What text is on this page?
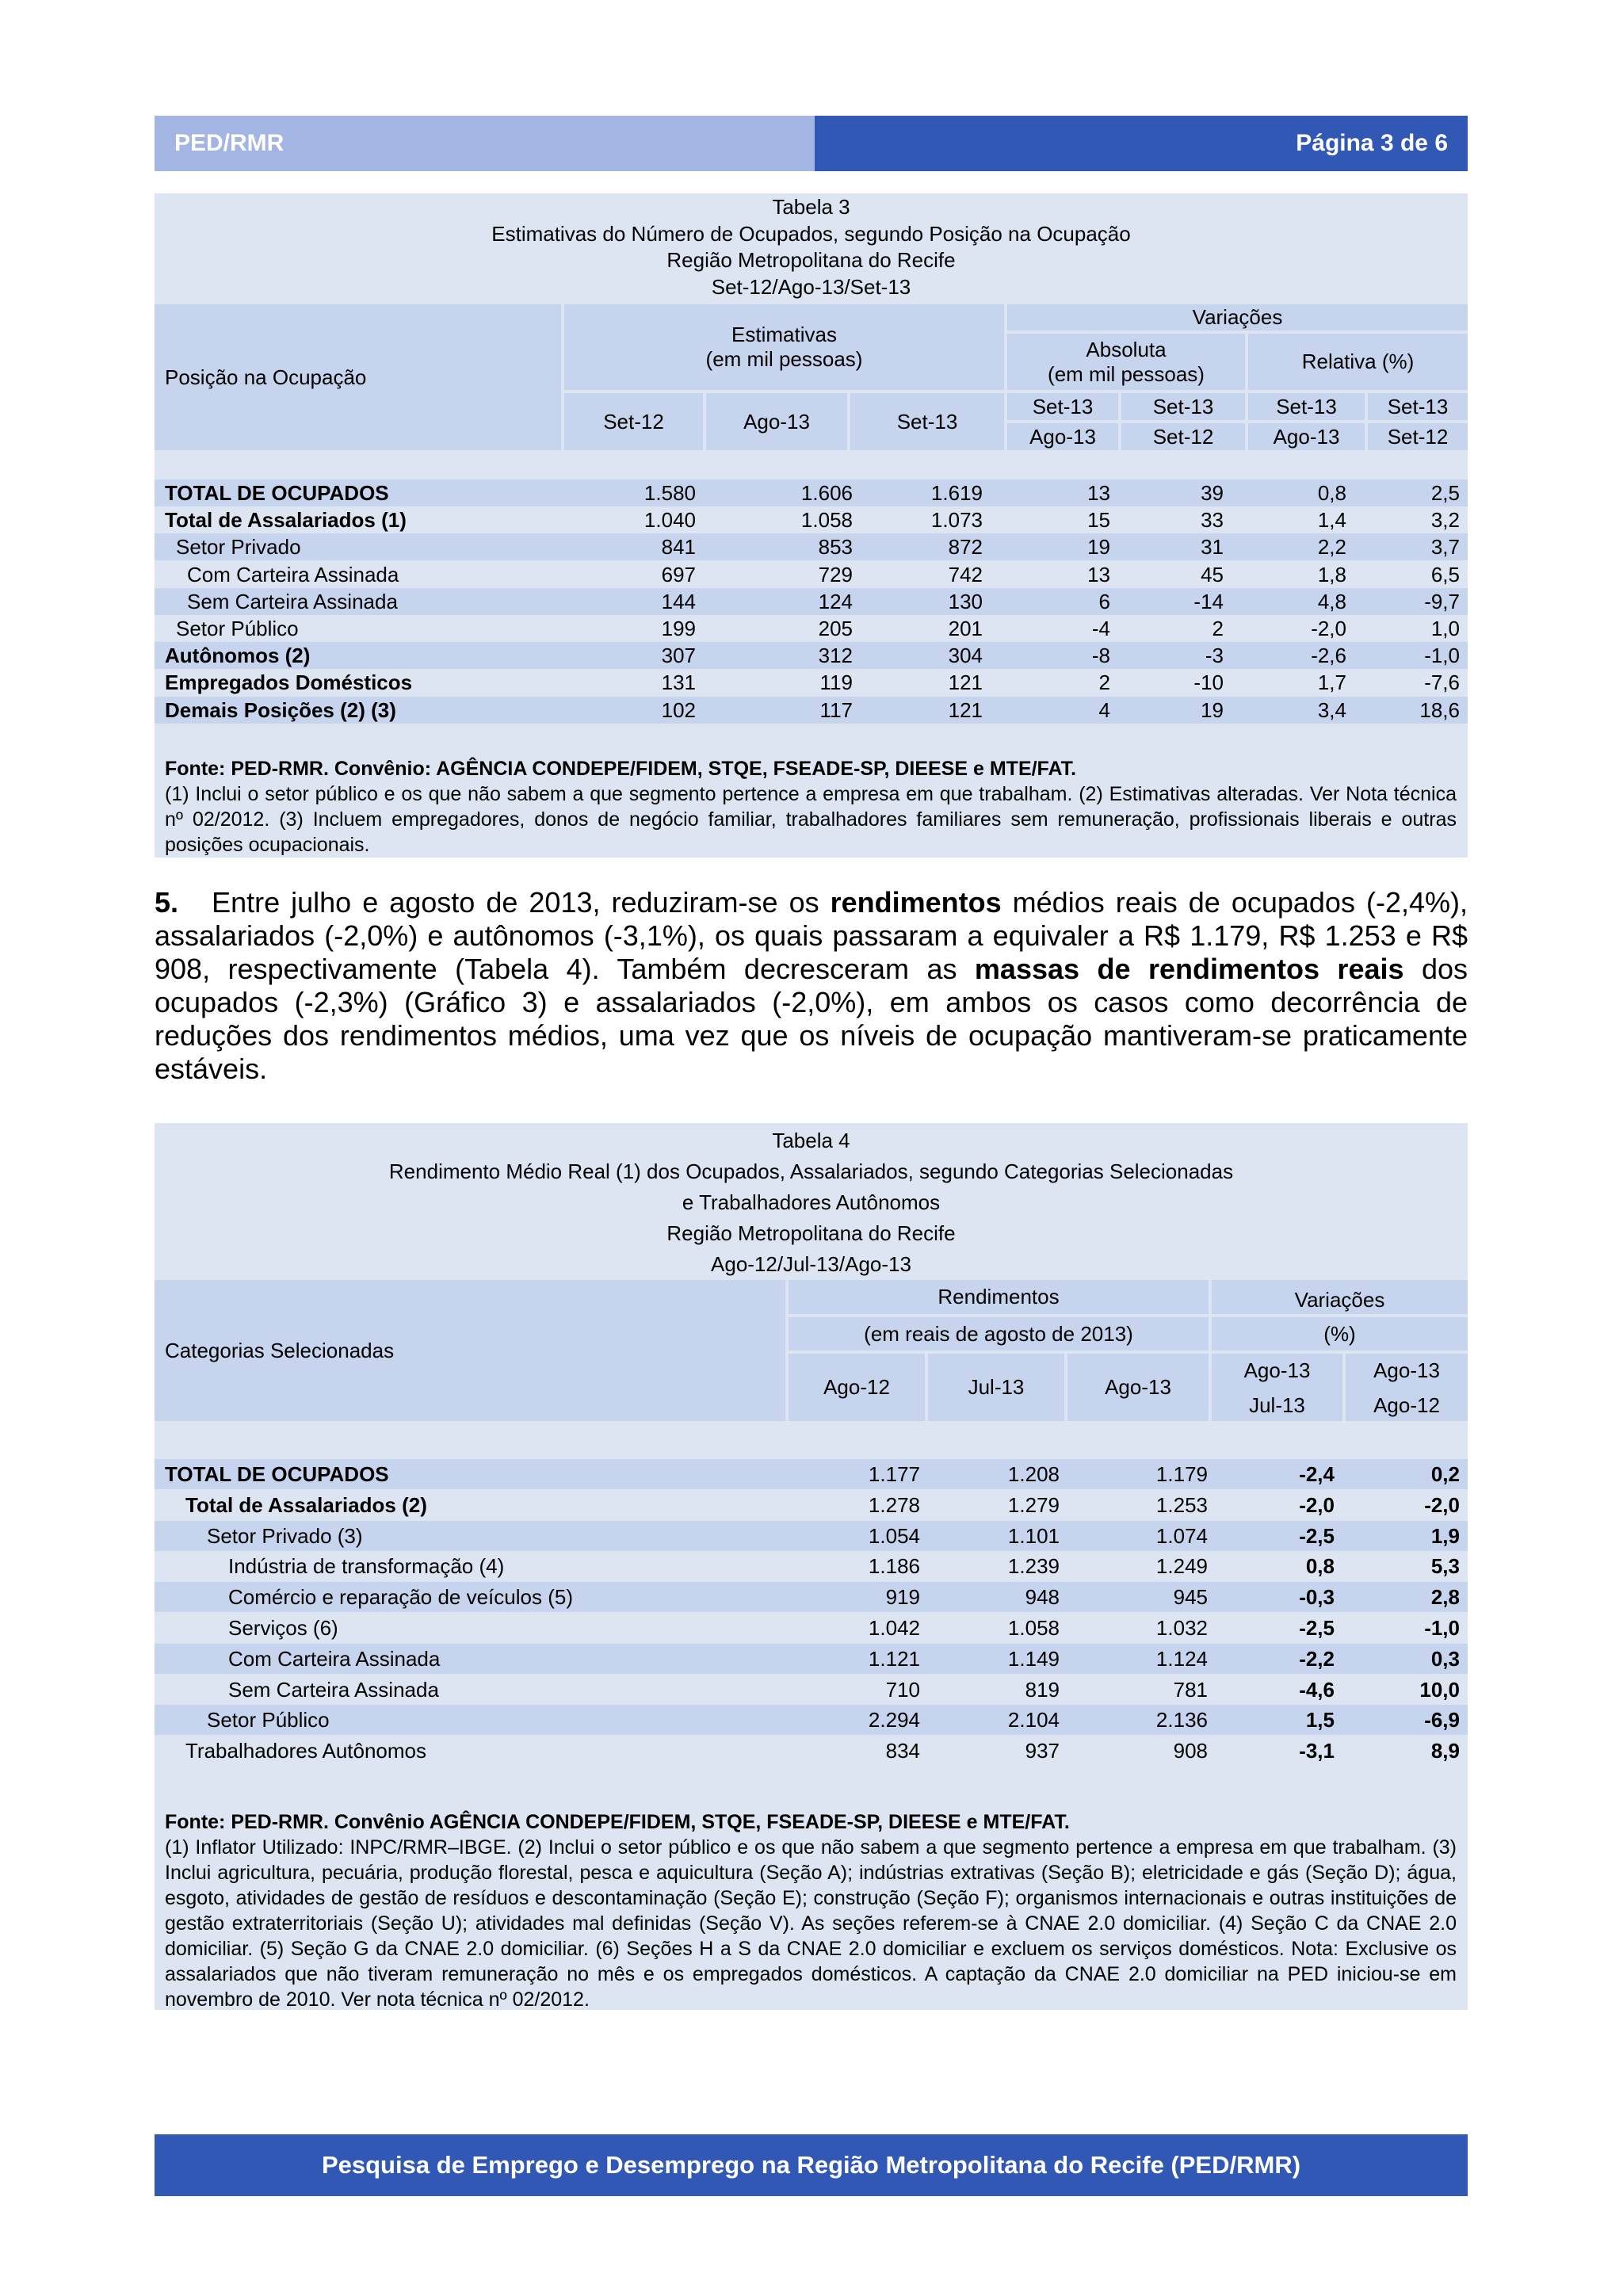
PED/RMR	Página 3 de 6
Tabela 3
Estimativas do Número de Ocupados, segundo Posição na Ocupação
Região Metropolitana do Recife
Set-12/Ago-13/Set-13
Posição na Ocupação
Estimativas
(em mil pessoas)
Variações
Absoluta
(em mil pessoas)
Relativa (%)
Set-12	Ago-13	Set-13
Set-13
Ago-13
Set-13
Set-12
Set-13
Ago-13
Set-13
Set-12
TOTAL DE OCUPADOS	1.580	1.606	1.619	13	39	0,8	2,5
Total de Assalariados (1)	1.040	1.058	1.073	15	33	1,4	3,2
Setor Privado	841	853	872	19	31	2,2	3,7
Com Carteira Assinada	697	729	742	13	45	1,8	6,5
Sem Carteira Assinada	144	124	130	6	-14	4,8	-9,7
Setor Público	199	205	201	-4	2	-2,0	1,0
Autônomos (2)	307	312	304	-8	-3	-2,6	-1,0
Empregados Domésticos	131	119	121	2	-10	1,7	-7,6
Demais Posições (2) (3)	102	117	121	4	19	3,4	18,6
Fonte: PED-RMR. Convênio: AGÊNCIA CONDEPE/FIDEM, STQE, FSEADE-SP, DIEESE e MTE/FAT.
(1) Inclui o setor público e os que não sabem a que segmento pertence a empresa em que trabalham. (2) Estimativas alteradas. Ver Nota técnica nº 02/2012. (3) Incluem empregadores, donos de negócio familiar, trabalhadores familiares sem remuneração, profissionais liberais e outras posições ocupacionais.
5. Entre julho e agosto de 2013, reduziram-se os rendimentos médios reais de ocupados (-2,4%), assalariados (-2,0%) e autônomos (-3,1%), os quais passaram a equivaler a R$ 1.179, R$ 1.253 e R$ 908, respectivamente (Tabela 4). Também decresceram as massas de rendimentos reais dos ocupados (-2,3%) (Gráfico 3) e assalariados (-2,0%), em ambos os casos como decorrência de reduções dos rendimentos médios, uma vez que os níveis de ocupação mantiveram-se praticamente estáveis.
Tabela 4
Rendimento Médio Real (1) dos Ocupados, Assalariados, segundo Categorias Selecionadas
e Trabalhadores Autônomos
Região Metropolitana do Recife
Ago-12/Jul-13/Ago-13
Categorias Selecionadas
Rendimentos
(em reais de agosto de 2013)
Variações
(%)
Ago-12	Jul-13	Ago-13
Ago-13
Jul-13
Ago-13
Ago-12
TOTAL DE OCUPADOS	1.177	1.208	1.179	-2,4	0,2
Total de Assalariados (2)	1.278	1.279	1.253	-2,0	-2,0
Setor Privado (3)	1.054	1.101	1.074	-2,5	1,9
Indústria de transformação (4)	1.186	1.239	1.249	0,8	5,3
Comércio e reparação de veículos (5)	919	948	945	-0,3	2,8
Serviços (6)	1.042	1.058	1.032	-2,5	-1,0
Com Carteira Assinada	1.121	1.149	1.124	-2,2	0,3
Sem Carteira Assinada	710	819	781	-4,6	10,0
Setor Público	2.294	2.104	2.136	1,5	-6,9
Trabalhadores Autônomos	834	937	908	-3,1	8,9
Fonte: PED-RMR. Convênio AGÊNCIA CONDEPE/FIDEM, STQE, FSEADE-SP, DIEESE e MTE/FAT.
(1) Inflator Utilizado: INPC/RMR–IBGE. (2) Inclui o setor público e os que não sabem a que segmento pertence a empresa em que trabalham. (3) Inclui agricultura, pecuária, produção florestal, pesca e aquicultura (Seção A); indústrias extrativas (Seção B); eletricidade e gás (Seção D); água, esgoto, atividades de gestão de resíduos e descontaminação (Seção E); construção (Seção F); organismos internacionais e outras instituições de gestão extraterritoriais (Seção U); atividades mal definidas (Seção V). As seções referem-se à CNAE 2.0 domiciliar. (4) Seção C da CNAE 2.0 domiciliar. (5) Seção G da CNAE 2.0 domiciliar. (6) Seções H a S da CNAE 2.0 domiciliar e excluem os serviços domésticos. Nota: Exclusive os assalariados que não tiveram remuneração no mês e os empregados domésticos. A captação da CNAE 2.0 domiciliar na PED iniciou-se em novembro de 2010. Ver nota técnica nº 02/2012.
Pesquisa de Emprego e Desemprego na Região Metropolitana do Recife (PED/RMR)
